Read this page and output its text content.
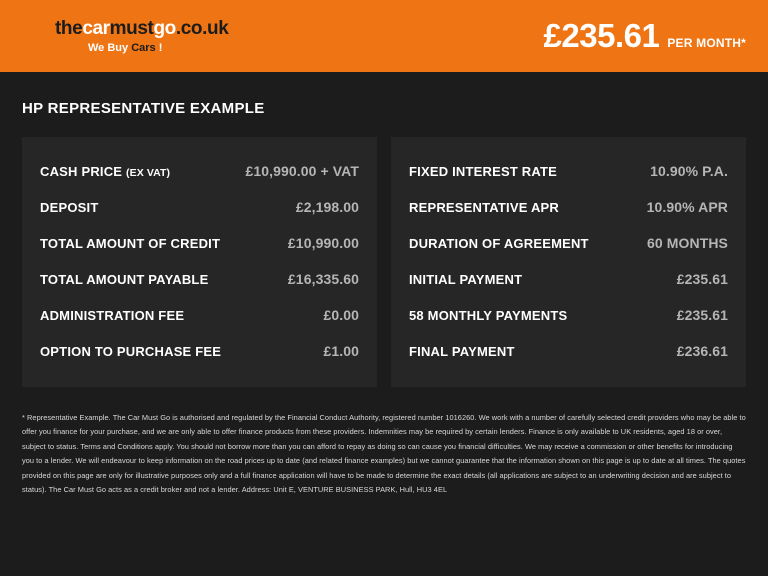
thecarmustgo.co.uk
We Buy Cars !	£235.61 PER MONTH*
HP REPRESENTATIVE EXAMPLE
CASH PRICE (EX VAT)	£10,990.00 + VAT
DEPOSIT	£2,198.00
TOTAL AMOUNT OF CREDIT	£10,990.00
TOTAL AMOUNT PAYABLE	£16,335.60
ADMINISTRATION FEE	£0.00
OPTION TO PURCHASE FEE	£1.00
FIXED INTEREST RATE	10.90% P.A.
REPRESENTATIVE APR	10.90% APR
DURATION OF AGREEMENT	60 MONTHS
INITIAL PAYMENT	£235.61
58 MONTHLY PAYMENTS	£235.61
FINAL PAYMENT	£236.61
* Representative Example. The Car Must Go is authorised and regulated by the Financial Conduct Authority, registered number 1016260. We work with a number of carefully selected credit providers who may be able to offer you finance for your purchase, and we are only able to offer finance products from these providers. Indemnities may be required by certain lenders. Finance is only available to UK residents, aged 18 or over, subject to status. Terms and Conditions apply. You should not borrow more than you can afford to repay as doing so can cause you financial difficulties. We may receive a commission or other benefits for introducing you to a lender. We will endeavour to keep information on the road prices up to date (and related finance examples) but we cannot guarantee that the information shown on this page is up to date at all times. The quotes provided on this page are only for illustrative purposes only and a full finance application will have to be made to determine the exact details (all applications are subject to an underwriting decision and are subject to status). The Car Must Go acts as a credit broker and not a lender. Address: Unit E, VENTURE BUSINESS PARK, Hull, HU3 4EL
